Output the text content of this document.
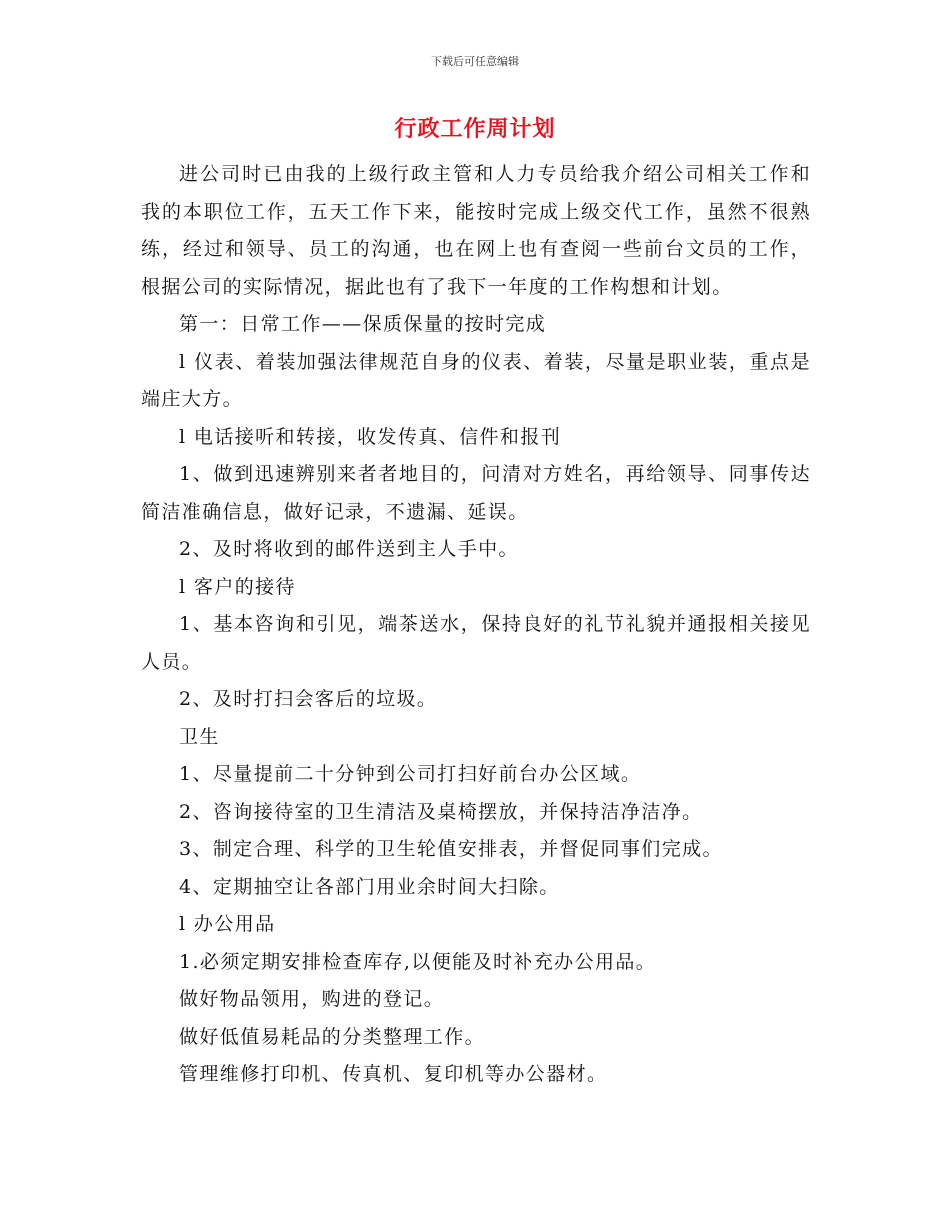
下载后可任意编辑
行政工作周计划

进公司时已由我的上级行政主管和人力专员给我介绍公司相关工作和我的本职位工作，五天工作下来，能按时完成上级交代工作，虽然不很熟练，经过和领导、员工的沟通，也在网上也有查阅一些前台文员的工作，根据公司的实际情况，据此也有了我下一年度的工作构想和计划。

第一：日常工作——保质保量的按时完成

l 仪表、着装加强法律规范自身的仪表、着装，尽量是职业装，重点是端庄大方。

l 电话接听和转接，收发传真、信件和报刊

1、做到迅速辨别来者者地目的，问清对方姓名，再给领导、同事传达简洁准确信息，做好记录，不遗漏、延误。

2、及时将收到的邮件送到主人手中。

l 客户的接待

1、基本咨询和引见，端茶送水，保持良好的礼节礼貌并通报相关接见人员。

2、及时打扫会客后的垃圾。

卫生

1、尽量提前二十分钟到公司打扫好前台办公区域。

2、咨询接待室的卫生清洁及桌椅摆放，并保持洁净洁净。

3、制定合理、科学的卫生轮值安排表，并督促同事们完成。

4、定期抽空让各部门用业余时间大扫除。

l 办公用品

1.必须定期安排检查库存,以便能及时补充办公用品。

做好物品领用，购进的登记。

做好低值易耗品的分类整理工作。

管理维修打印机、传真机、复印机等办公器材。
